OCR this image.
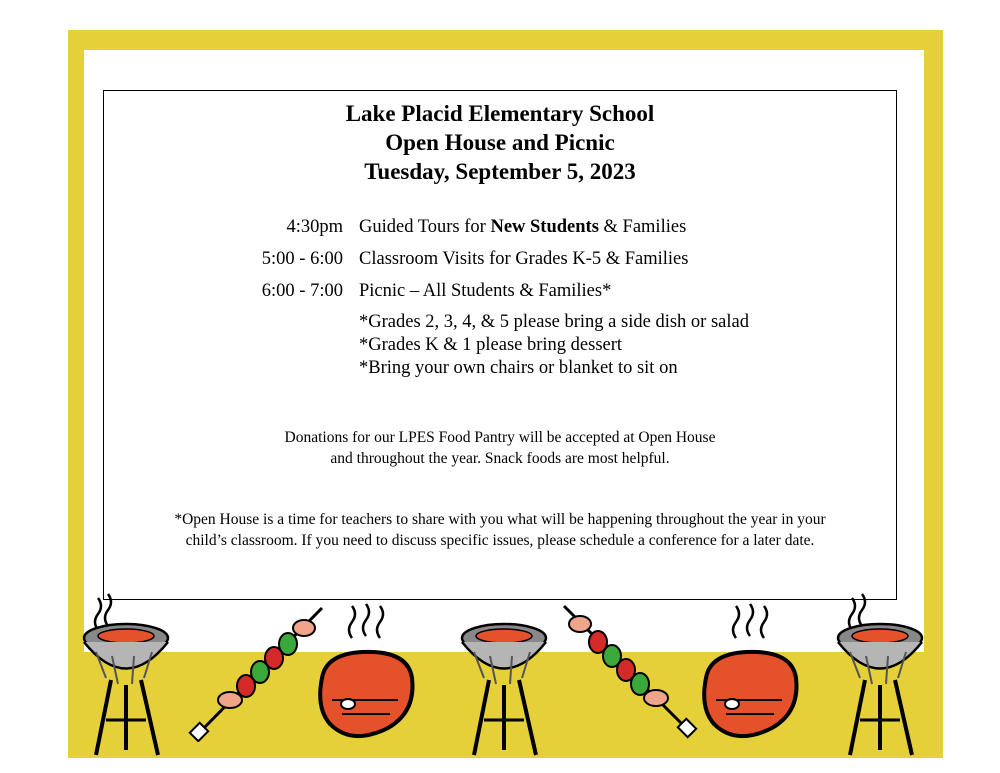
Lake Placid Elementary School
Open House and Picnic
Tuesday, September 5, 2023
4:30pm Guided Tours for New Students & Families
5:00 - 6:00 Classroom Visits for Grades K-5 & Families
6:00 - 7:00 Picnic – All Students & Families*
*Grades 2, 3, 4, & 5 please bring a side dish or salad
*Grades K & 1 please bring dessert
*Bring your own chairs or blanket to sit on
Donations for our LPES Food Pantry will be accepted at Open House
and throughout the year. Snack foods are most helpful.
*Open House is a time for teachers to share with you what will be happening throughout the year in your
child’s classroom. If you need to discuss specific issues, please schedule a conference for a later date.
